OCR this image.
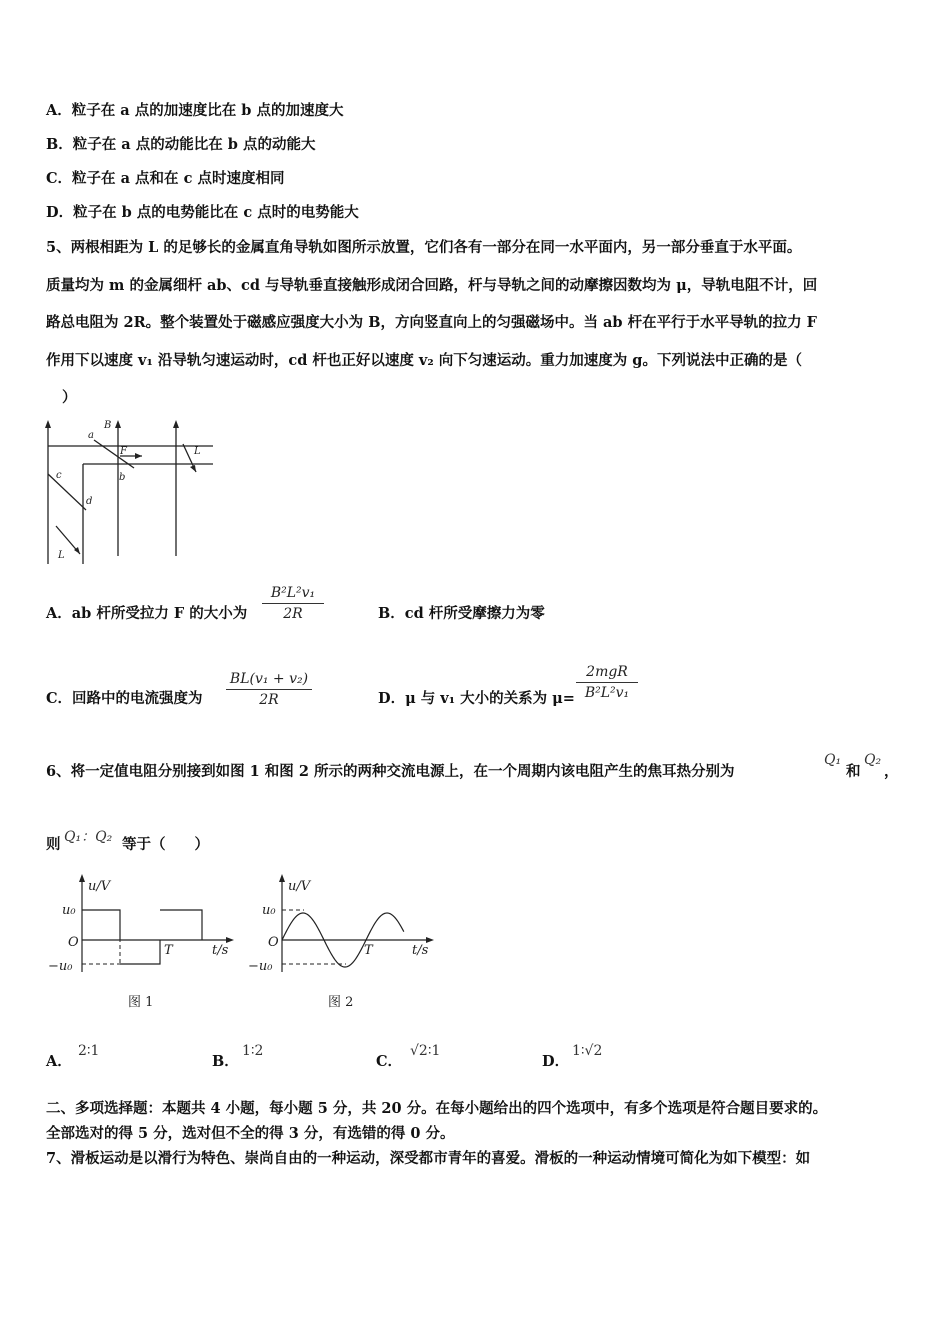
A．粒子在 a 点的加速度比在 b 点的加速度大
B．粒子在 a 点的动能比在 b 点的动能大
C．粒子在 a 点和在 c 点时速度相同
D．粒子在 b 点的电势能比在 c 点时的电势能大
5、两根相距为 L 的足够长的金属直角导轨如图所示放置，它们各有一部分在同一水平面内，另一部分垂直于水平面。
质量均为 m 的金属细杆 ab、cd 与导轨垂直接触形成闭合回路，杆与导轨之间的动摩擦因数均为 μ，导轨电阻不计，回
路总电阻为 2R。整个装置处于磁感应强度大小为 B，方向竖直向上的匀强磁场中。当 ab 杆在平行于水平导轨的拉力 F
作用下以速度 v₁ 沿导轨匀速运动时，cd 杆也正好以速度 v₂ 向下匀速运动。重力加速度为 g。下列说法中正确的是（
）
B
a
F
b
c
d
L
L
A．ab 杆所受拉力 F 的大小为
B²L²v₁
2R	B．cd 杆所受摩擦力为零
C．回路中的电流强度为
BL(v₁ + v₂)
2R	D．μ 与 v₁ 大小的关系为 μ=
2mgR
B²L²v₁
6、将一定值电阻分别接到如图 1 和图 2 所示的两种交流电源上，在一个周期内该电阻产生的焦耳热分别为
Q₁
和
Q₂
，
则 Q₁：Q₂ 等于（　　）
u/V
u₀
O
−u₀
T	t/s
图 1
u/V
u₀
O
−u₀
T	t/s
图 2
A．
2∶1
B．
1∶2
C．
√2∶1
D．
1∶√2
二、多项选择题：本题共 4 小题，每小题 5 分，共 20 分。在每小题给出的四个选项中，有多个选项是符合题目要求的。
全部选对的得 5 分，选对但不全的得 3 分，有选错的得 0 分。
7、滑板运动是以滑行为特色、崇尚自由的一种运动，深受都市青年的喜爱。滑板的一种运动情境可简化为如下模型：如
